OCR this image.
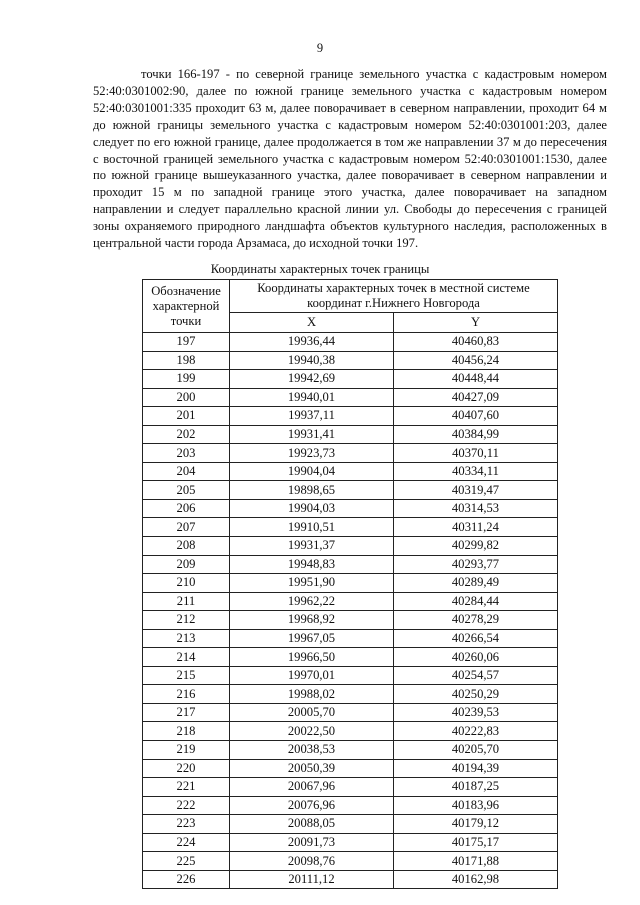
9

точки 166-197 - по северной границе земельного участка с кадастровым номером 52:40:0301002:90, далее по южной границе земельного участка с кадастровым номером 52:40:0301001:335 проходит 63 м, далее поворачивает в северном направлении, проходит 64 м до южной границы земельного участка с кадастровым номером 52:40:0301001:203, далее следует по его южной границе, далее продолжается в том же направлении 37 м до пересечения с восточной границей земельного участка с кадастровым номером 52:40:0301001:1530, далее по южной границе вышеуказанного участка, далее поворачивает в северном направлении и проходит 15 м по западной границе этого участка, далее поворачивает на западном направлении и следует параллельно красной линии ул. Свободы до пересечения с границей зоны охраняемого природного ландшафта объектов культурного наследия, расположенных в центральной части города Арзамаса, до исходной точки 197.

Координаты характерных точек границы
Обозначение характерной точки	Координаты характерных точек в местной системе координат г.Нижнего Новгорода	
	X	Y
197	19936,44	40460,83
198	19940,38	40456,24
199	19942,69	40448,44
200	19940,01	40427,09
201	19937,11	40407,60
202	19931,41	40384,99
203	19923,73	40370,11
204	19904,04	40334,11
205	19898,65	40319,47
206	19904,03	40314,53
207	19910,51	40311,24
208	19931,37	40299,82
209	19948,83	40293,77
210	19951,90	40289,49
211	19962,22	40284,44
212	19968,92	40278,29
213	19967,05	40266,54
214	19966,50	40260,06
215	19970,01	40254,57
216	19988,02	40250,29
217	20005,70	40239,53
218	20022,50	40222,83
219	20038,53	40205,70
220	20050,39	40194,39
221	20067,96	40187,25
222	20076,96	40183,96
223	20088,05	40179,12
224	20091,73	40175,17
225	20098,76	40171,88
226	20111,12	40162,98
